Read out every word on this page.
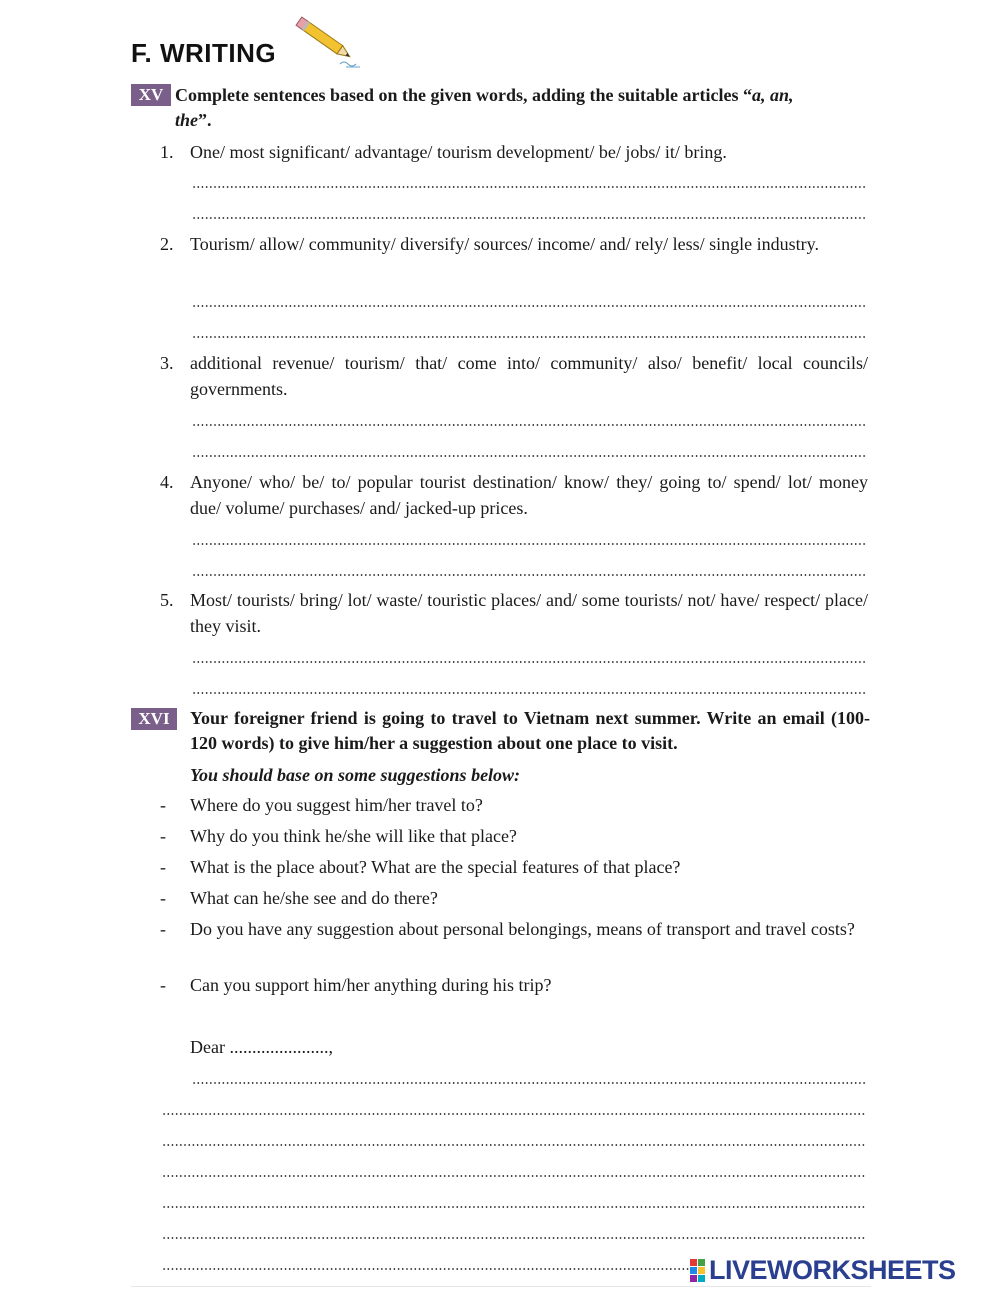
F. WRITING
XV Complete sentences based on the given words, adding the suitable articles “a, an,
the”.

1. One/ most significant/ advantage/ tourism development/ be/ jobs/ it/ bring.
2. Tourism/ allow/ community/ diversify/ sources/ income/ and/ rely/ less/ single industry.
3. additional revenue/ tourism/ that/ come into/ community/ also/ benefit/ local councils/ governments.
4. Anyone/ who/ be/ to/ popular tourist destination/ know/ they/ going to/ spend/ lot/ money due/ volume/ purchases/ and/ jacked-up prices.
5. Most/ tourists/ bring/ lot/ waste/ touristic places/ and/ some tourists/ not/ have/ respect/ place/ they visit.
XVI	Your foreigner friend is going to travel to Vietnam next summer. Write an email (100-120 words) to give him/her a suggestion about one place to visit.

You should base on some suggestions below:

- Where do you suggest him/her travel to?
- Why do you think he/she will like that place?
- What is the place about? What are the special features of that place?
- What can he/she see and do there?
- Do you have any suggestion about personal belongings, means of transport and travel costs?
- Can you support him/her anything during his trip?
Dear ......................,
LIVEWORKSHEETS
